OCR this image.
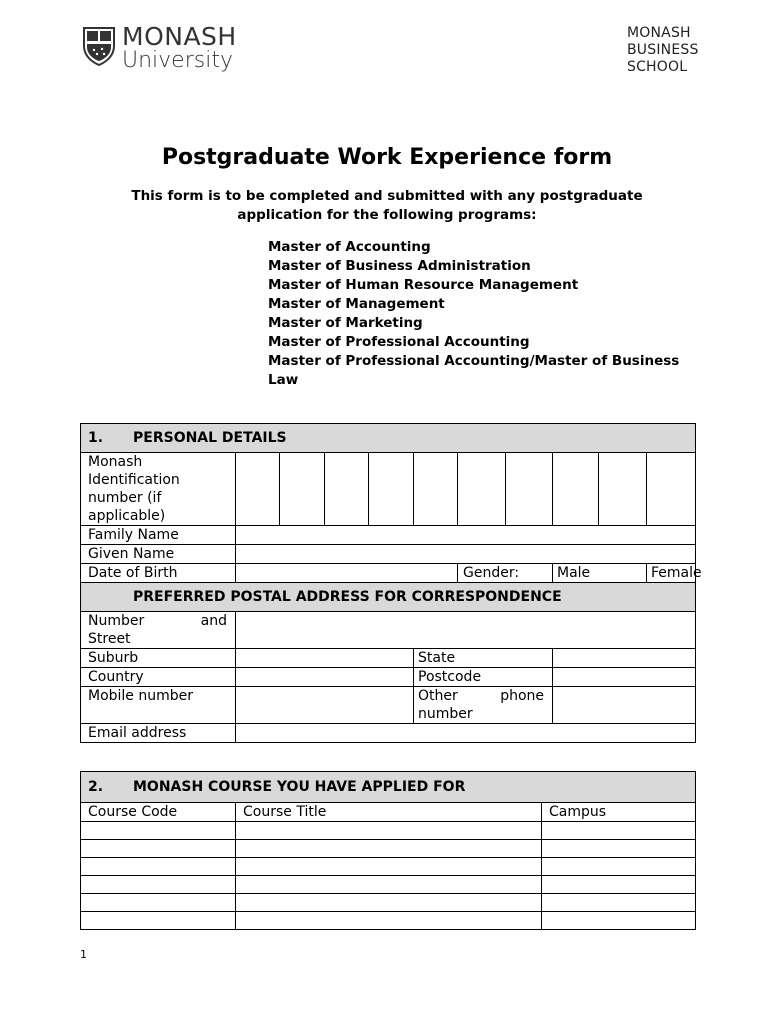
MONASH
University
MONASH
BUSINESS
SCHOOL
Postgraduate Work Experience form
This form is to be completed and submitted with any postgraduate
application for the following programs:
Master of Accounting
Master of Business Administration
Master of Human Resource Management
Master of Management
Master of Marketing
Master of Professional Accounting
Master of Professional Accounting/Master of Business Law
1. PERSONAL DETAILS										
Monash Identification number (if applicable)										
Family Name										
Given Name										
Date of Birth						Gender:		Male		Female
PREFERRED POSTAL ADDRESS FOR CORRESPONDENCE										

Number and
Street										

Suburb					State					
Country					Postcode					
Mobile number					Other phone
number					

Email address										
2. MONASH COURSE YOU HAVE APPLIED FOR		
Course Code	Course Title	Campus

1
